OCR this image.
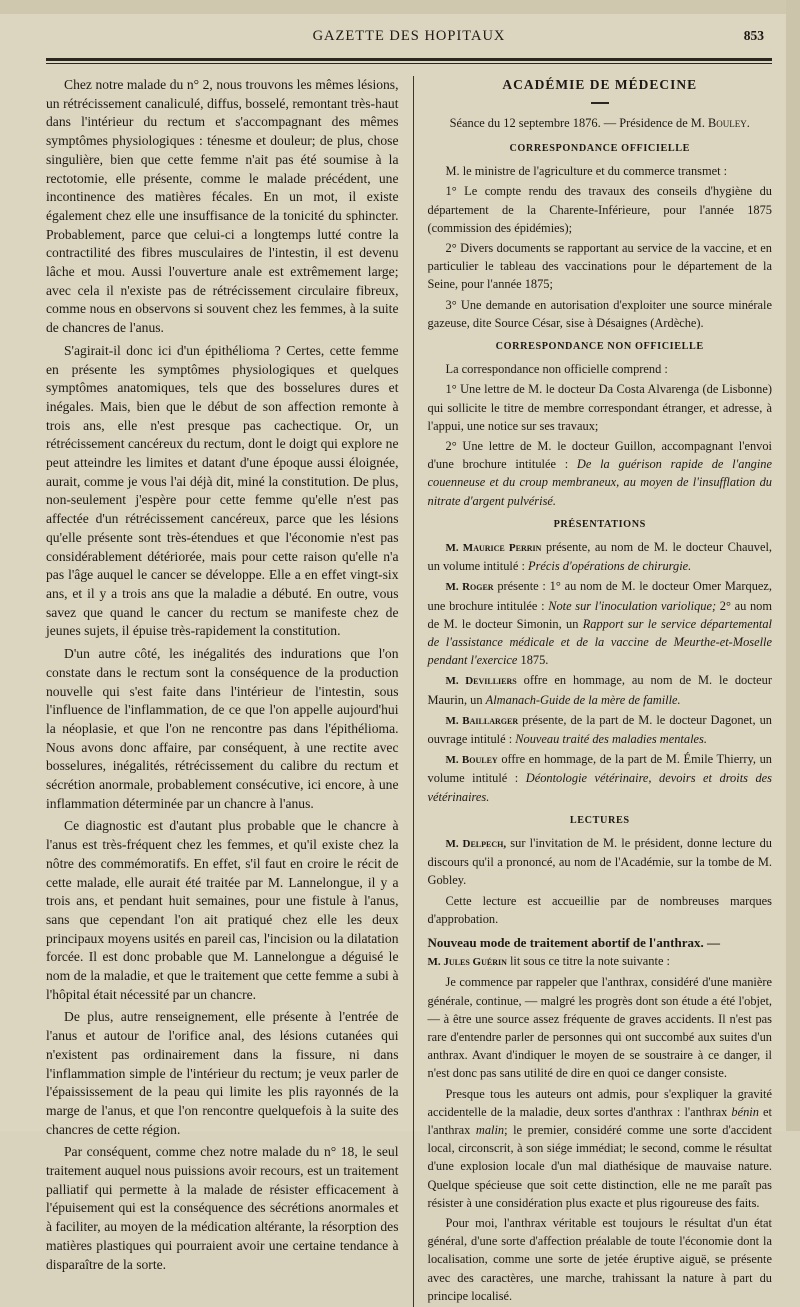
GAZETTE DES HOPITAUX	853

Chez notre malade du n° 2, nous trouvons les mêmes lésions, un rétrécissement canaliculé, diffus, bosselé, remontant très-haut dans l'intérieur du rectum et s'accompagnant des mêmes symptômes physiologiques : ténesme et douleur; de plus, chose singulière, bien que cette femme n'ait pas été soumise à la rectotomie, elle présente, comme le malade précédent, une incontinence des matières fécales. En un mot, il existe également chez elle une insuffisance de la tonicité du sphincter. Probablement, parce que celui-ci a longtemps lutté contre la contractilité des fibres musculaires de l'intestin, il est devenu lâche et mou. Aussi l'ouverture anale est extrêmement large; avec cela il n'existe pas de rétrécissement circulaire fibreux, comme nous en observons si souvent chez les femmes, à la suite de chancres de l'anus.

S'agirait-il donc ici d'un épithélioma ? Certes, cette femme en présente les symptômes physiologiques et quelques symptômes anatomiques, tels que des bosselures dures et inégales. Mais, bien que le début de son affection remonte à trois ans, elle n'est presque pas cachectique. Or, un rétrécissement cancéreux du rectum, dont le doigt qui explore ne peut atteindre les limites et datant d'une époque aussi éloignée, aurait, comme je vous l'ai déjà dit, miné la constitution. De plus, non-seulement j'espère pour cette femme qu'elle n'est pas affectée d'un rétrécissement cancéreux, parce que les lésions qu'elle présente sont très-étendues et que l'économie n'est pas considérablement détériorée, mais pour cette raison qu'elle n'a pas l'âge auquel le cancer se développe. Elle a en effet vingt-six ans, et il y a trois ans que la maladie a débuté. En outre, vous savez que quand le cancer du rectum se manifeste chez de jeunes sujets, il épuise très-rapidement la constitution.

D'un autre côté, les inégalités des indurations que l'on constate dans le rectum sont la conséquence de la production nouvelle qui s'est faite dans l'intérieur de l'intestin, sous l'influence de l'inflammation, de ce que l'on appelle aujourd'hui la néoplasie, et que l'on ne rencontre pas dans l'épithélioma. Nous avons donc affaire, par conséquent, à une rectite avec bosselures, inégalités, rétrécissement du calibre du rectum et sécrétion anormale, probablement consécutive, ici encore, à une inflammation déterminée par un chancre à l'anus.

Ce diagnostic est d'autant plus probable que le chancre à l'anus est très-fréquent chez les femmes, et qu'il existe chez la nôtre des commémoratifs. En effet, s'il faut en croire le récit de cette malade, elle aurait été traitée par M. Lannelongue, il y a trois ans, et pendant huit semaines, pour une fistule à l'anus, sans que cependant l'on ait pratiqué chez elle les deux principaux moyens usités en pareil cas, l'incision ou la dilatation forcée. Il est donc probable que M. Lannelongue a déguisé le nom de la maladie, et que le traitement que cette femme a subi à l'hôpital était nécessité par un chancre.

De plus, autre renseignement, elle présente à l'entrée de l'anus et autour de l'orifice anal, des lésions cutanées qui n'existent pas ordinairement dans la fissure, ni dans l'inflammation simple de l'intérieur du rectum; je veux parler de l'épaississement de la peau qui limite les plis rayonnés de la marge de l'anus, et que l'on rencontre quelquefois à la suite des chancres de cette région.

Par conséquent, comme chez notre malade du n° 18, le seul traitement auquel nous puissions avoir recours, est un traitement palliatif qui permette à la malade de résister efficacement à l'épuisement qui est la conséquence des sécrétions anormales et à faciliter, au moyen de la médication altérante, la résorption des matières plastiques qui pourraient avoir une certaine tendance à disparaître de la sorte.

ACADÉMIE DE MÉDECINE
Séance du 12 septembre 1876. — Présidence de M. Bouley.
CORRESPONDANCE OFFICIELLE

M. le ministre de l'agriculture et du commerce transmet :

1° Le compte rendu des travaux des conseils d'hygiène du département de la Charente-Inférieure, pour l'année 1875 (commission des épidémies);

2° Divers documents se rapportant au service de la vaccine, et en particulier le tableau des vaccinations pour le département de la Seine, pour l'année 1875;

3° Une demande en autorisation d'exploiter une source minérale gazeuse, dite Source César, sise à Désaignes (Ardèche).

CORRESPONDANCE NON OFFICIELLE

La correspondance non officielle comprend :

1° Une lettre de M. le docteur Da Costa Alvarenga (de Lisbonne) qui sollicite le titre de membre correspondant étranger, et adresse, à l'appui, une notice sur ses travaux;

2° Une lettre de M. le docteur Guillon, accompagnant l'envoi d'une brochure intitulée : De la guérison rapide de l'angine couenneuse et du croup membraneux, au moyen de l'insufflation du nitrate d'argent pulvérisé.

PRÉSENTATIONS

M. Maurice Perrin présente, au nom de M. le docteur Chauvel, un volume intitulé : Précis d'opérations de chirurgie.

M. Roger présente : 1° au nom de M. le docteur Omer Marquez, une brochure intitulée : Note sur l'inoculation variolique; 2° au nom de M. le docteur Simonin, un Rapport sur le service départemental de l'assistance médicale et de la vaccine de Meurthe-et-Moselle pendant l'exercice 1875.

M. Devilliers offre en hommage, au nom de M. le docteur Maurin, un Almanach-Guide de la mère de famille.

M. Baillarger présente, de la part de M. le docteur Dagonet, un ouvrage intitulé : Nouveau traité des maladies mentales.

M. Bouley offre en hommage, de la part de M. Émile Thierry, un volume intitulé : Déontologie vétérinaire, devoirs et droits des vétérinaires.

LECTURES

M. Delpech, sur l'invitation de M. le président, donne lecture du discours qu'il a prononcé, au nom de l'Académie, sur la tombe de M. Gobley.

Cette lecture est accueillie par de nombreuses marques d'approbation.

Nouveau mode de traitement abortif de l'anthrax. —
M. Jules Guérin lit sous ce titre la note suivante :

Je commence par rappeler que l'anthrax, considéré d'une manière générale, continue, — malgré les progrès dont son étude a été l'objet, — à être une source assez fréquente de graves accidents. Il n'est pas rare d'entendre parler de personnes qui ont succombé aux suites d'un anthrax. Avant d'indiquer le moyen de se soustraire à ce danger, il n'est donc pas sans utilité de dire en quoi ce danger consiste.

Presque tous les auteurs ont admis, pour s'expliquer la gravité accidentelle de la maladie, deux sortes d'anthrax : l'anthrax bénin et l'anthrax malin; le premier, considéré comme une sorte d'accident local, circonscrit, à son siége immédiat; le second, comme le résultat d'une explosion locale d'un mal diathésique de mauvaise nature. Quelque spécieuse que soit cette distinction, elle ne me paraît pas résister à une considération plus exacte et plus rigoureuse des faits.

Pour moi, l'anthrax véritable est toujours le résultat d'un état général, d'une sorte d'affection préalable de toute l'économie dont la localisation, comme une sorte de jetée éruptive aiguë, se présente avec des caractères, une marche, trahissant la nature à part du principe localisé.
